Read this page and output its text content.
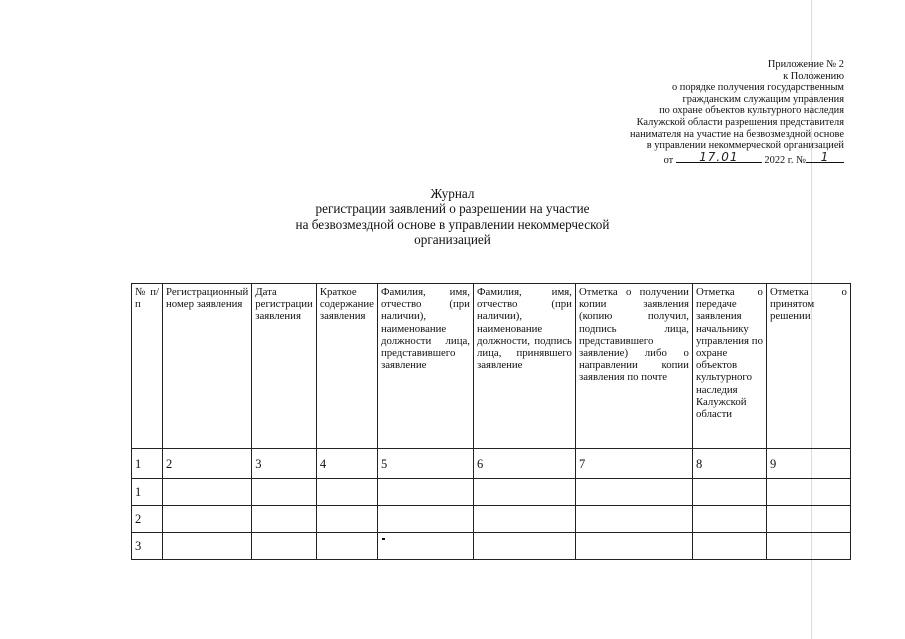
Приложение № 2
к Положению
о порядке получения государственным
гражданским служащим управления
по охране объектов культурного наследия
Калужской области разрешения представителя
нанимателя на участие на безвозмездной основе
в управлении некоммерческой организацией
от	17.01	2022 г. №	1
Журнал
регистрации заявлений о разрешении на участие
на безвозмездной основе в управлении некоммерческой
организацией
№ п/п	Регистрационный номер заявления	Дата регистрации заявления	Краткое содержание заявления	Фамилия, имя, отчество (при наличии), наименование должности лица, представившего заявление	Фамилия, имя, отчество (при наличии), наименование должности, подпись лица, принявшего заявление	Отметка о получении копии заявления (копию получил, подпись лица, представившего заявление) либо о направлении копии заявления по почте	Отметка о передаче заявления начальнику управления по охране объектов культурного наследия Калужской области	Отметка о принятом решении
1	2	3	4	5	6	7	8	9
1								
2								
3								
